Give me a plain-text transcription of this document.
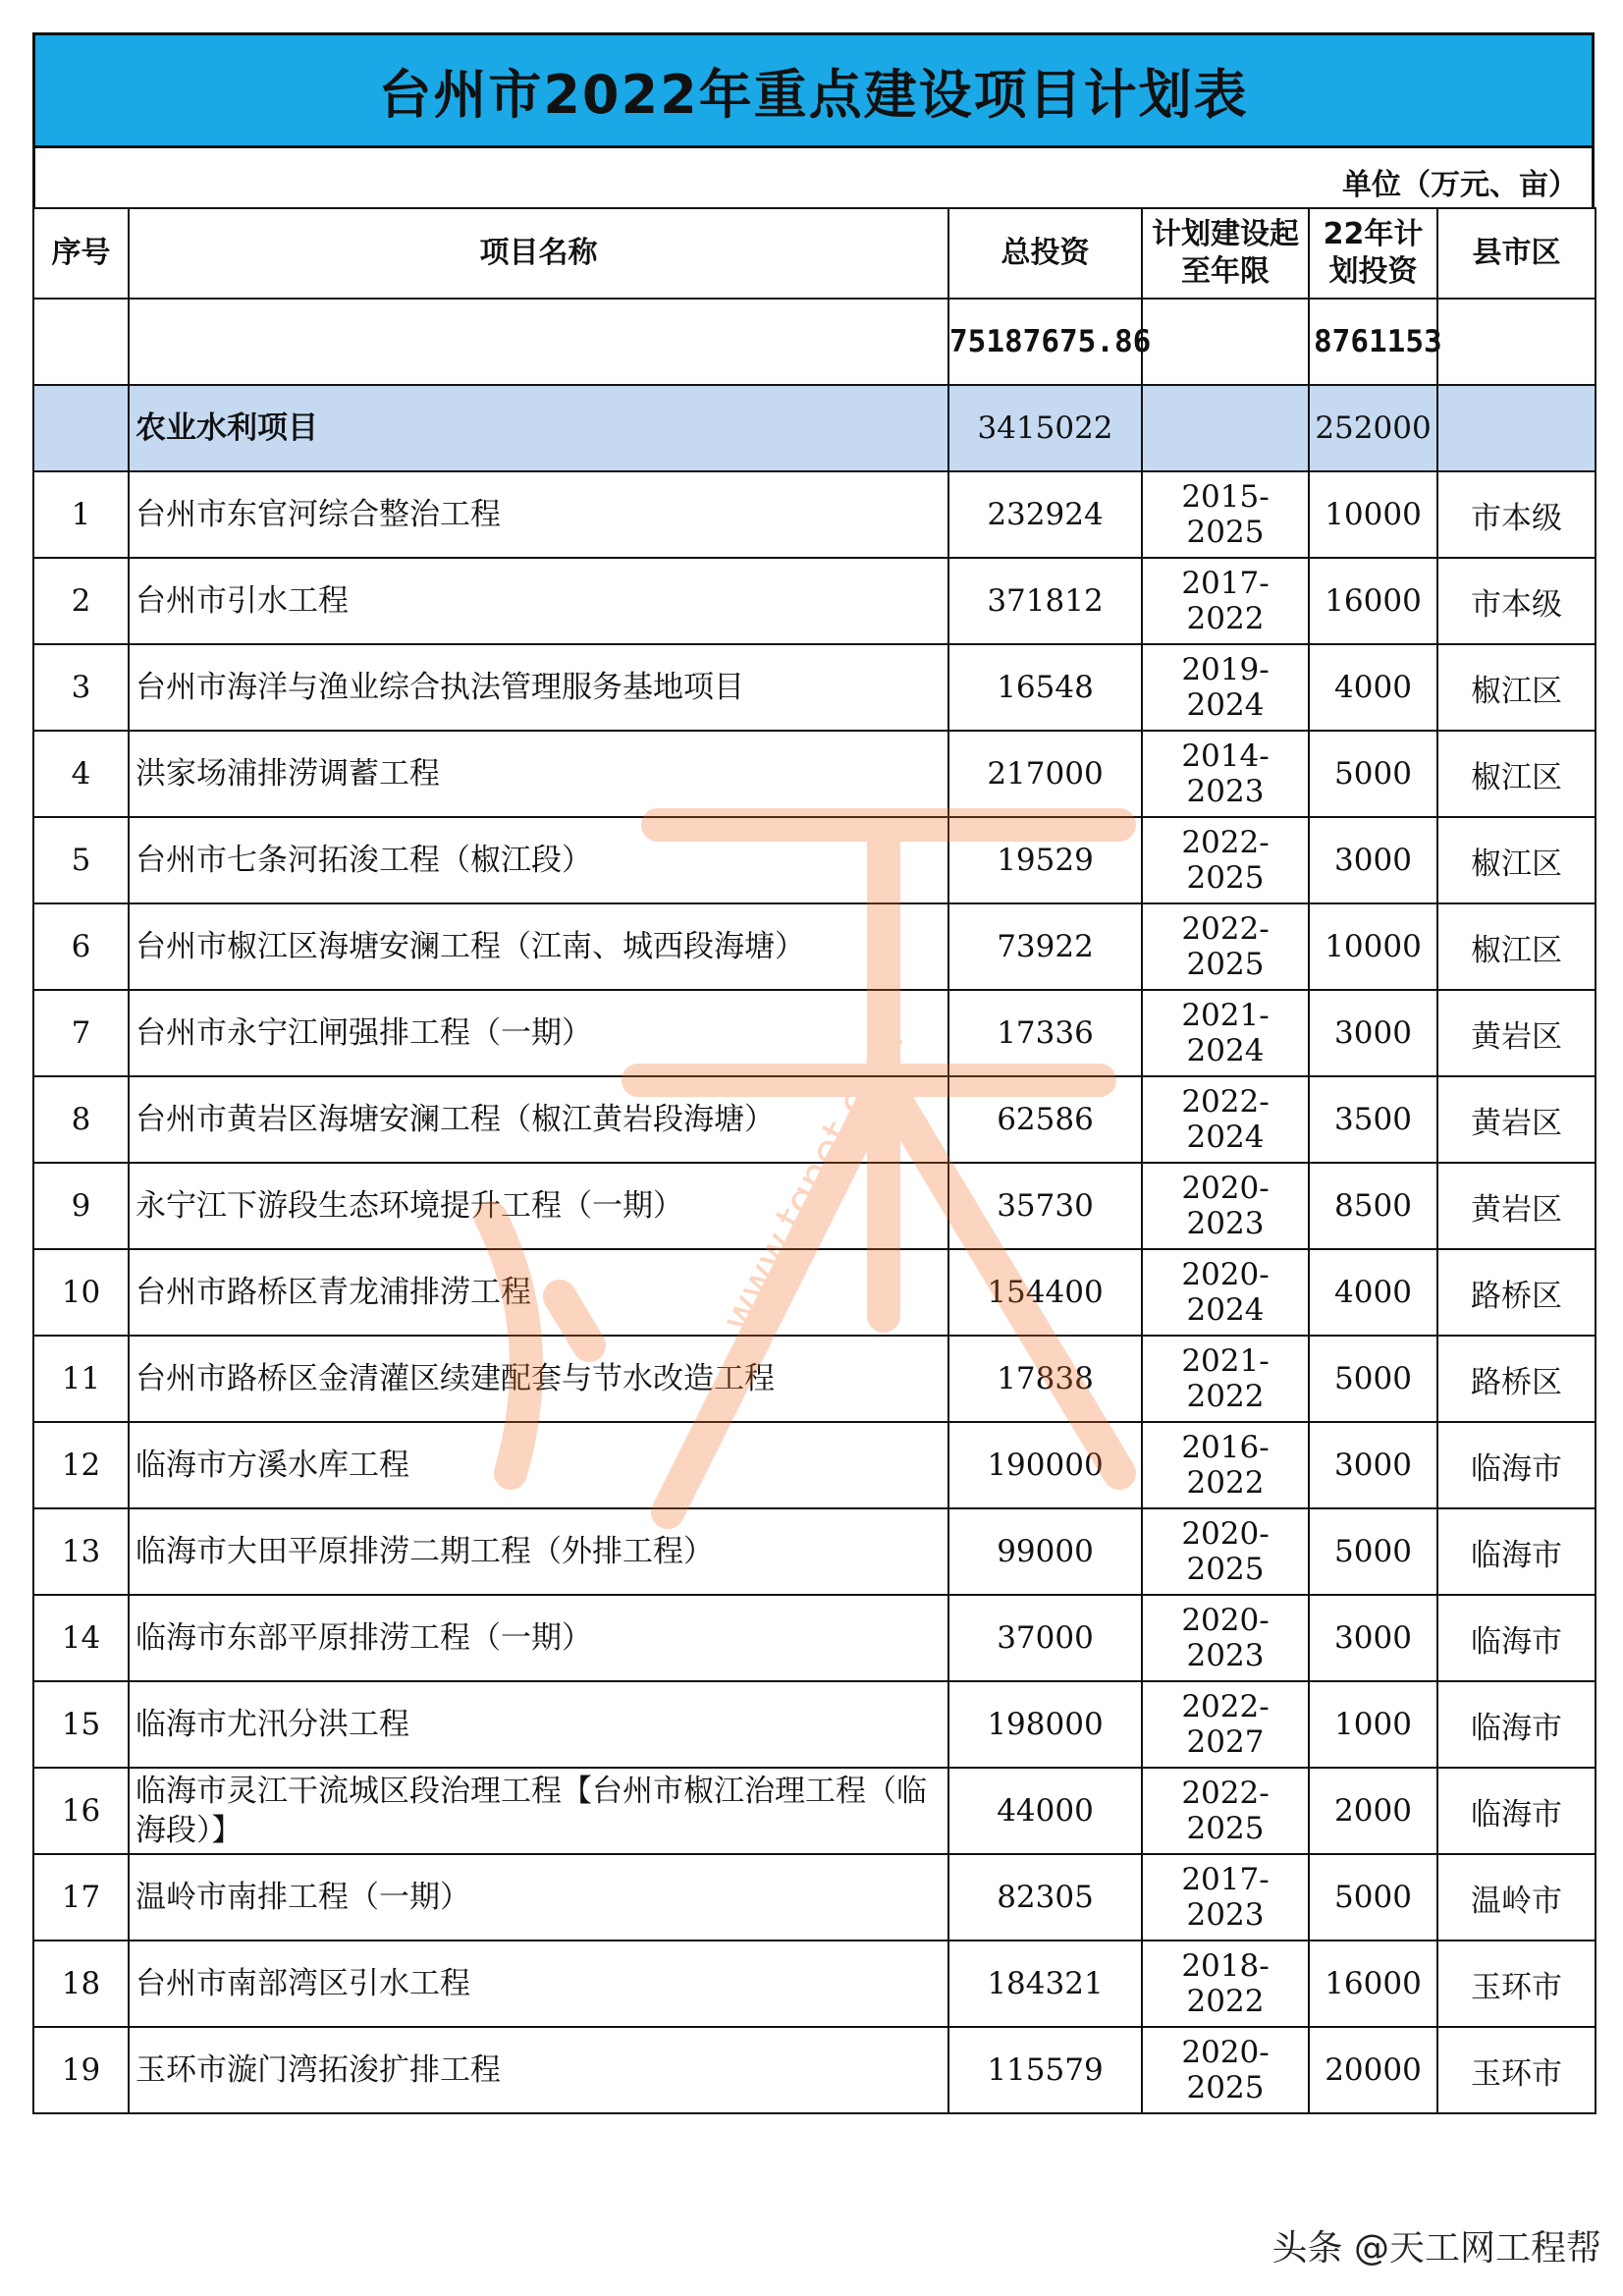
台州市2022年重点建设项目计划表
单位（万元、亩）
序号	项目名称	总投资	计划建设起至年限	22年计划投资	县市区
		75187675.86		8761153	
	农业水利项目	3415022		252000	
1	台州市东官河综合整治工程	232924	2015-2025	10000	市本级
2	台州市引水工程	371812	2017-2022	16000	市本级
3	台州市海洋与渔业综合执法管理服务基地项目	16548	2019-2024	4000	椒江区
4	洪家场浦排涝调蓄工程	217000	2014-2023	5000	椒江区
5	台州市七条河拓浚工程（椒江段）	19529	2022-2025	3000	椒江区
6	台州市椒江区海塘安澜工程（江南、城西段海塘）	73922	2022-2025	10000	椒江区
7	台州市永宁江闸强排工程（一期）	17336	2021-2024	3000	黄岩区
8	台州市黄岩区海塘安澜工程（椒江黄岩段海塘）	62586	2022-2024	3500	黄岩区
9	永宁江下游段生态环境提升工程（一期）	35730	2020-2023	8500	黄岩区
10	台州市路桥区青龙浦排涝工程	154400	2020-2024	4000	路桥区
11	台州市路桥区金清灌区续建配套与节水改造工程	17838	2021-2022	5000	路桥区
12	临海市方溪水库工程	190000	2016-2022	3000	临海市
13	临海市大田平原排涝二期工程（外排工程）	99000	2020-2025	5000	临海市
14	临海市东部平原排涝工程（一期）	37000	2020-2023	3000	临海市
15	临海市尤汛分洪工程	198000	2022-2027	1000	临海市
16	临海市灵江干流城区段治理工程【台州市椒江治理工程（临海段）】	44000	2022-2025	2000	临海市
17	温岭市南排工程（一期）	82305	2017-2023	5000	温岭市
18	台州市南部湾区引水工程	184321	2018-2022	16000	玉环市
19	玉环市漩门湾拓浚扩排工程	115579	2020-2025	20000	玉环市
www.tgnet.com
头条 @天工网工程帮
